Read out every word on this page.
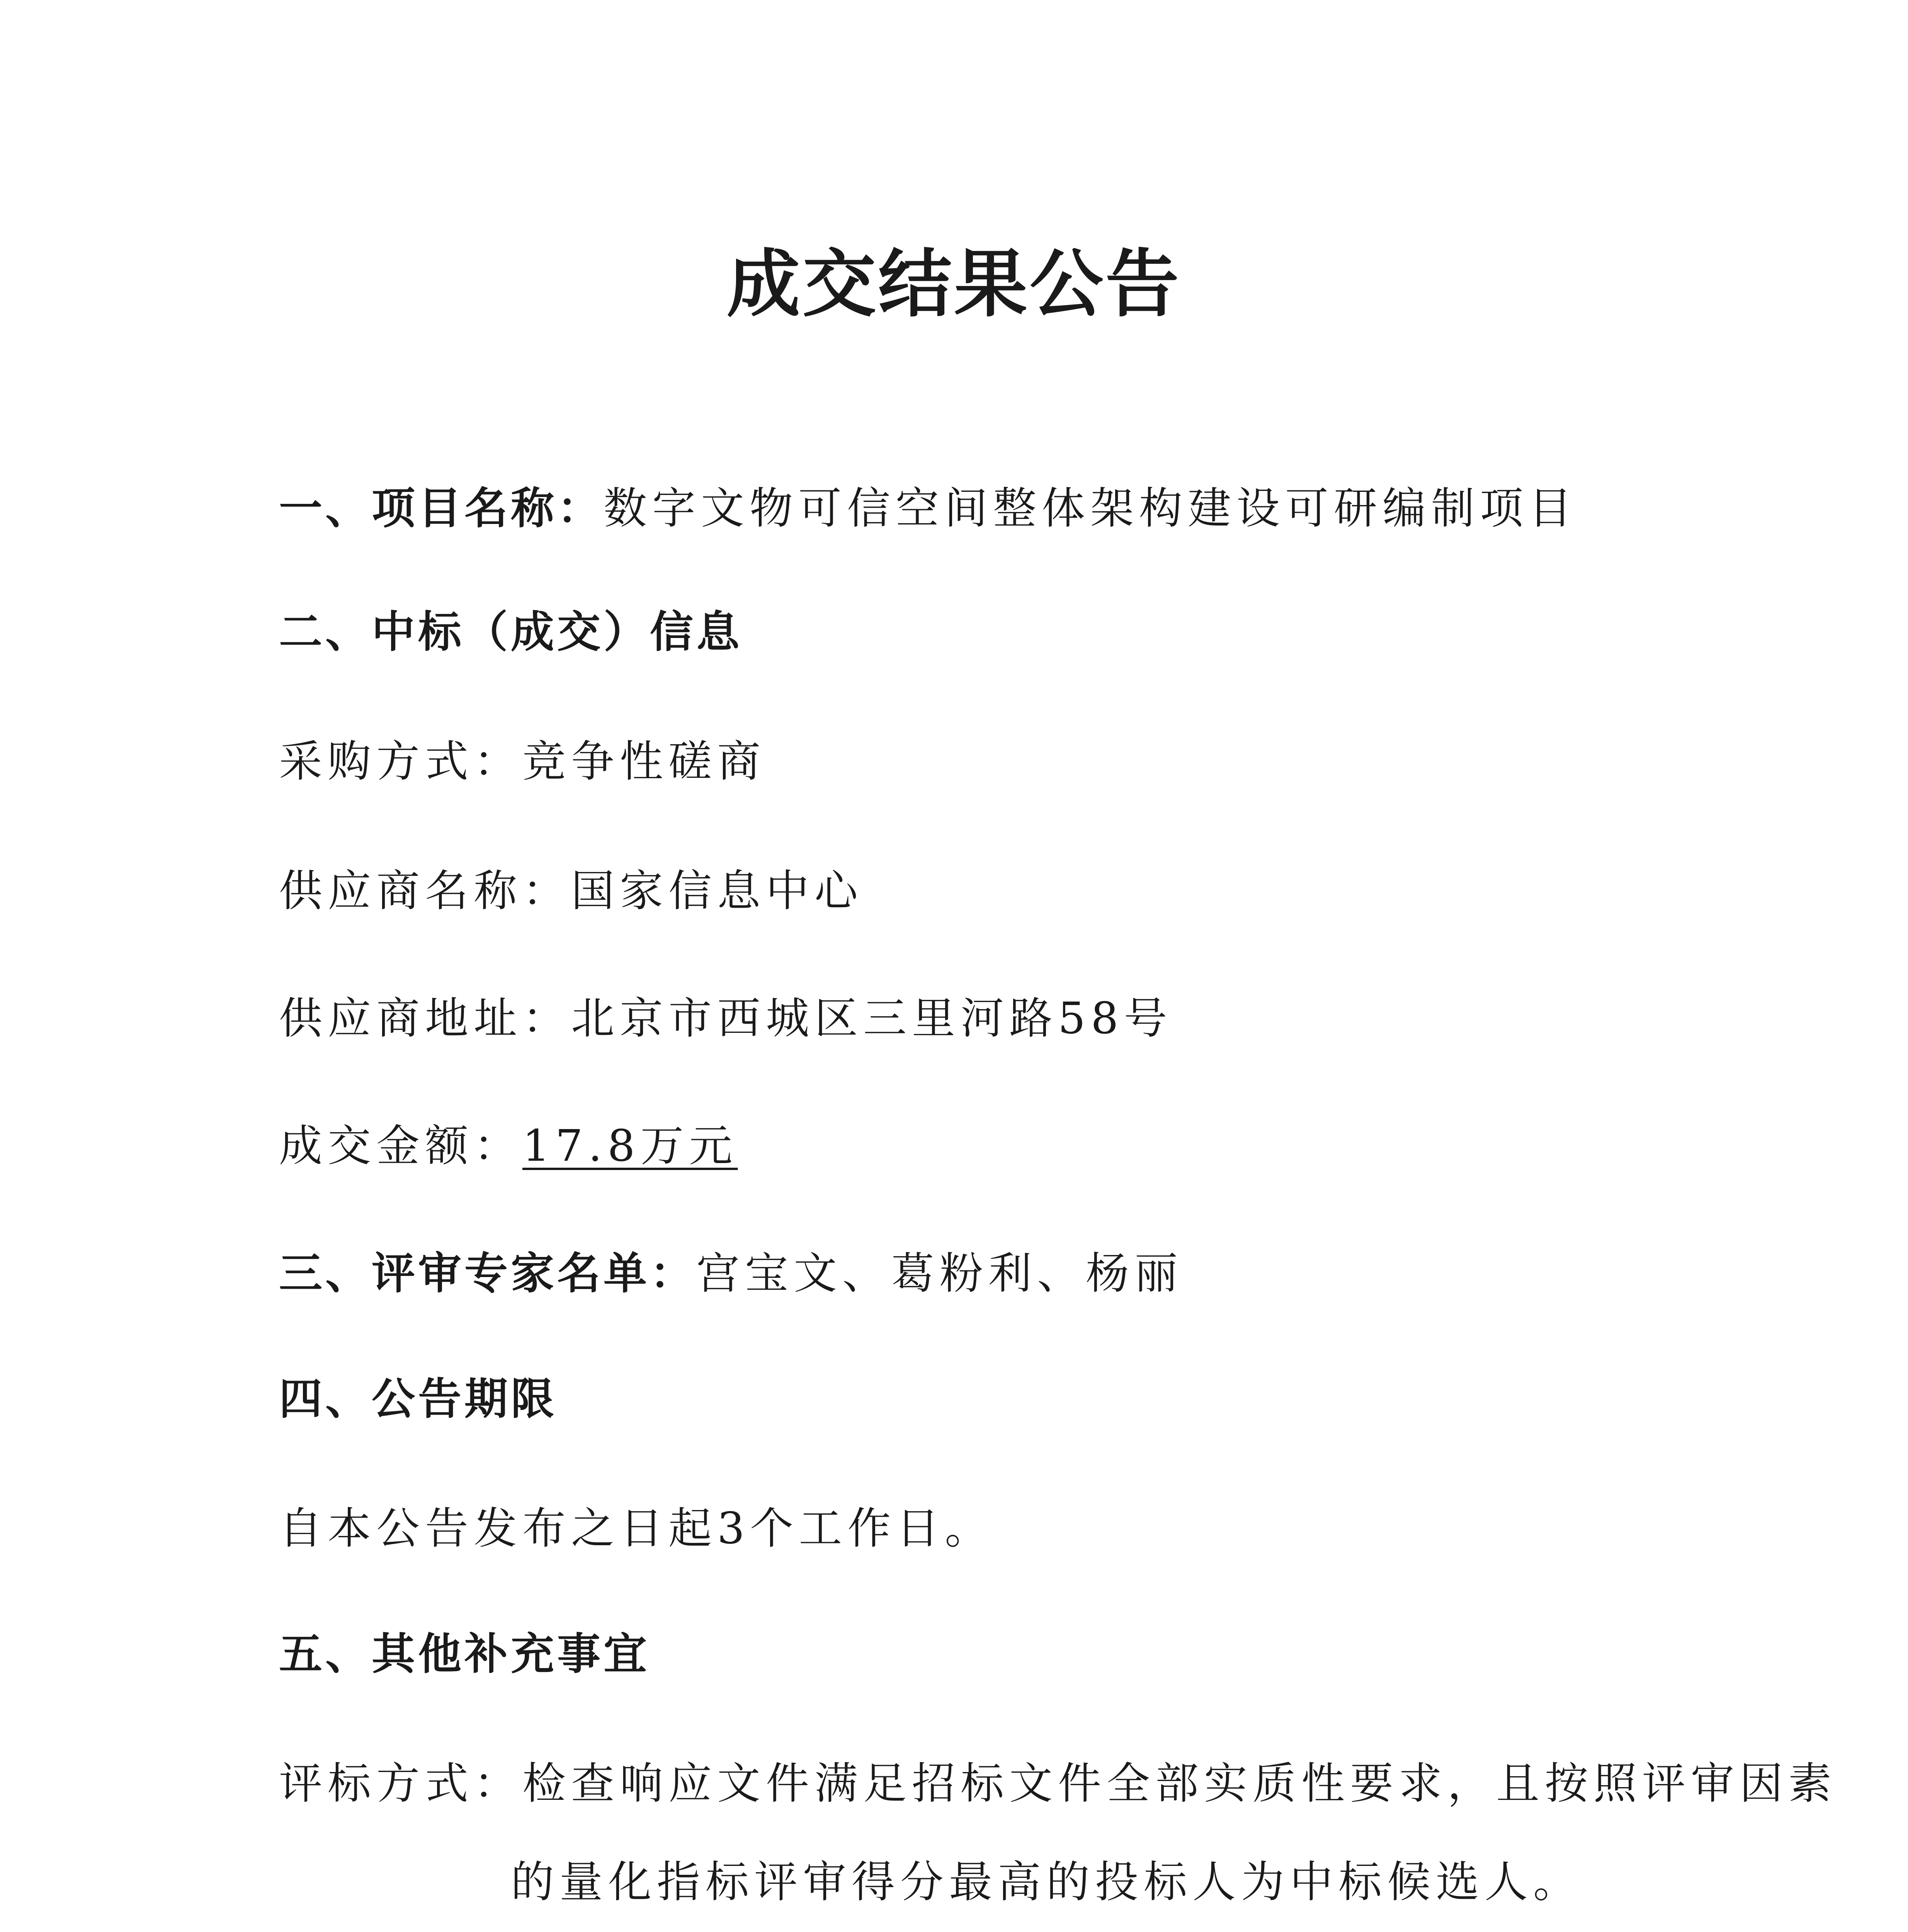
成交结果公告
一、项目名称：数字文物可信空间整体架构建设可研编制项目
二、中标（成交）信息
采购方式：竞争性磋商
供应商名称：国家信息中心
供应商地址：北京市西城区三里河路58号
成交金额：17.8万元
三、评审专家名单：宫宝文、葛粉利、杨丽
四、公告期限
自本公告发布之日起3个工作日。
五、其他补充事宜
评标方式：检查响应文件满足招标文件全部实质性要求，且按照评审因素
的量化指标评审得分最高的投标人为中标候选人。
